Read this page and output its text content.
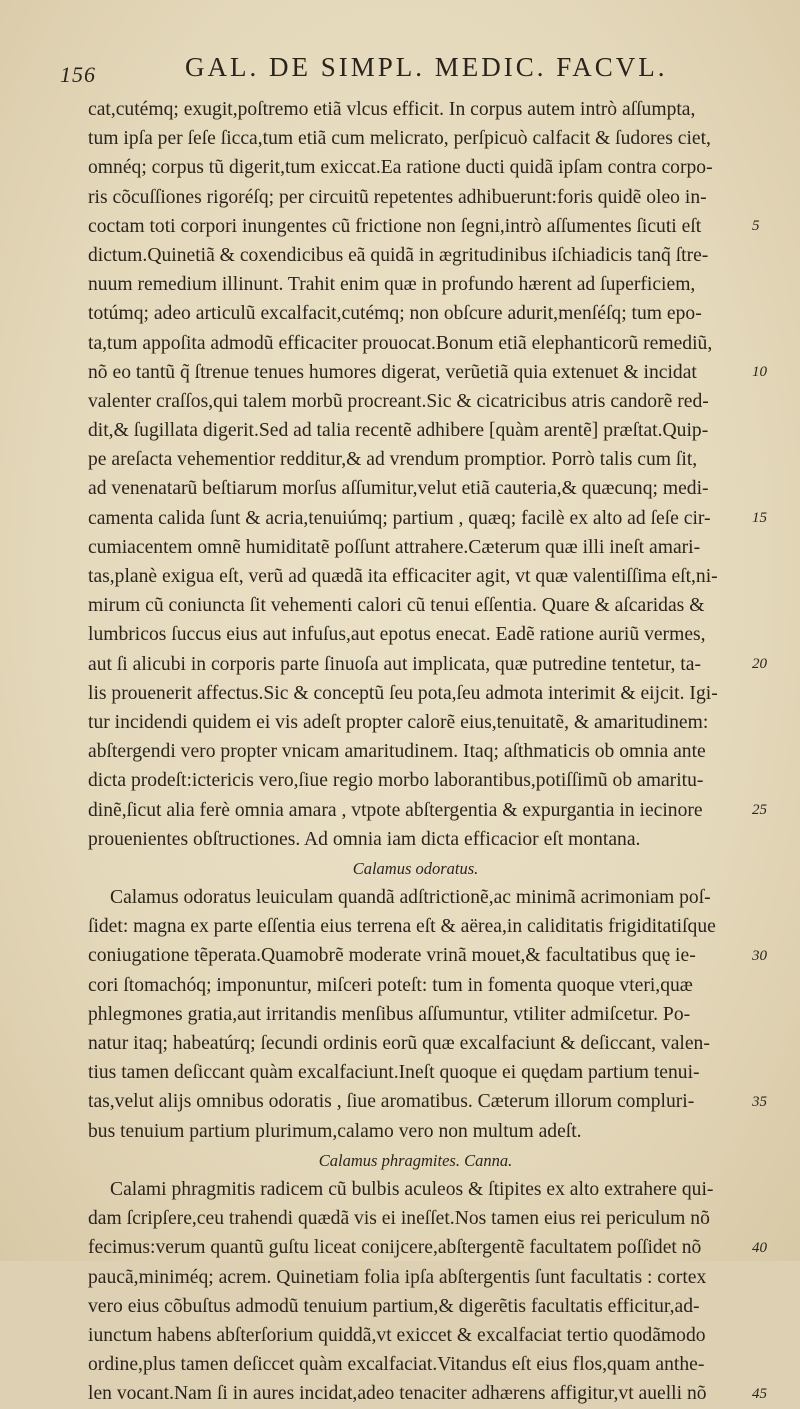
156	GAL. DE SIMPL. MEDIC. FACVL.
cat,cutémq; exugit,poſtremo etiã vlcus efficit. In corpus autem intrò aſſumpta,
tum ipſa per ſeſe ſicca,tum etiã cum melicrato, perſpicuò calfacit & ſudores ciet,
omnéq; corpus tũ digerit,tum exiccat.Ea ratione ducti quidã ipſam contra corpo-
ris cõcuſſiones rigoréſq; per circuitũ repetentes adhibuerunt:foris quidẽ oleo in-
coctam toti corpori inungentes cũ frictione non ſegni,intrò aſſumentes ſicuti eſt
dictum.Quinetiã & coxendicibus eã quidã in ægritudinibus iſchiadicis tanq̃ ſtre-
nuum remedium illinunt. Trahit enim quæ in profundo hærent ad ſuperficiem,
totúmq; adeo articulũ excalfacit,cutémq; non obſcure adurit,menſéſq; tum epo-
ta,tum appoſita admodũ efficaciter prouocat.Bonum etiã elephanticorũ remediũ,
nõ eo tantũ q̃ ſtrenue tenues humores digerat, verũetiã quia extenuet & incidat
valenter craſſos,qui talem morbũ procreant.Sic & cicatricibus atris candorẽ red-
dit,& ſugillata digerit.Sed ad talia recentẽ adhibere [quàm arentẽ] præſtat.Quip-
pe areſacta vehementior redditur,& ad vrendum promptior. Porrò talis cum ſit,
ad venenatarũ beſtiarum morſus aſſumitur,velut etiã cauteria,& quæcunq; medi-
camenta calida ſunt & acria,tenuiúmq; partium , quæq; facilè ex alto ad ſeſe cir-
cumiacentem omnẽ humiditatẽ poſſunt attrahere.Cæterum quæ illi ineſt amari-
tas,planè exigua eſt, verũ ad quædã ita efficaciter agit, vt quæ valentiſſima eſt,ni-
mirum cũ coniuncta ſit vehementi calori cũ tenui eſſentia. Quare & aſcaridas &
lumbricos ſuccus eius aut infuſus,aut epotus enecat. Eadẽ ratione auriũ vermes,
aut ſi alicubi in corporis parte ſinuoſa aut implicata, quæ putredine tentetur, ta-
lis prouenerit affectus.Sic & conceptũ ſeu pota,ſeu admota interimit & eijcit. Igi-
tur incidendi quidem ei vis adeſt propter calorẽ eius,tenuitatẽ, & amaritudinem:
abſtergendi vero propter vnicam amaritudinem. Itaq; aſthmaticis ob omnia ante
dicta prodeſt:ictericis vero,ſiue regio morbo laborantibus,potiſſimũ ob amaritu-
dinẽ,ſicut alia ferè omnia amara , vtpote abſtergentia & expurgantia in iecinore
prouenientes obſtructiones. Ad omnia iam dicta efficacior eſt montana.
Calamus odoratus.
Calamus odoratus leuiculam quandã adſtrictionẽ,ac minimã acrimoniam poſ-
ſidet: magna ex parte eſſentia eius terrena eſt & aërea,in caliditatis frigiditatiſque
coniugatione tẽperata.Quamobrẽ moderate vrinã mouet,& facultatibus quę ie-
cori ſtomachóq; imponuntur, miſceri poteſt: tum in fomenta quoque vteri,quæ
phlegmones gratia,aut irritandis menſibus aſſumuntur, vtiliter admiſcetur. Po-
natur itaq; habeatúrq; ſecundi ordinis eorũ quæ excalfaciunt & deſiccant, valen-
tius tamen deſiccant quàm excalfaciunt.Ineſt quoque ei quędam partium tenui-
tas,velut alijs omnibus odoratis , ſiue aromatibus. Cæterum illorum compluri-
bus tenuium partium plurimum,calamo vero non multum adeſt.
Calamus phragmites. Canna.
Calami phragmitis radicem cũ bulbis aculeos & ſtipites ex alto extrahere qui-
dam ſcripſere,ceu trahendi quædã vis ei ineſſet.Nos tamen eius rei periculum nõ
fecimus:verum quantũ guſtu liceat conijcere,abſtergentẽ facultatem poſſidet nõ
paucã,miniméq; acrem. Quinetiam folia ipſa abſtergentis ſunt facultatis : cortex
vero eius cõbuſtus admodũ tenuium partium,& digerẽtis facultatis efficitur,ad-
iunctum habens abſterſorium quiddã,vt exiccet & excalfaciat tertio quodãmodo
ordine,plus tamen deſiccet quàm excalfaciat.Vitandus eſt eius flos,quam anthe-
len vocant.Nam ſi in aures incidat,adeo tenaciter adhærens affigitur,vt auelli nõ
5
10
15
20
25
30
35
40
45
